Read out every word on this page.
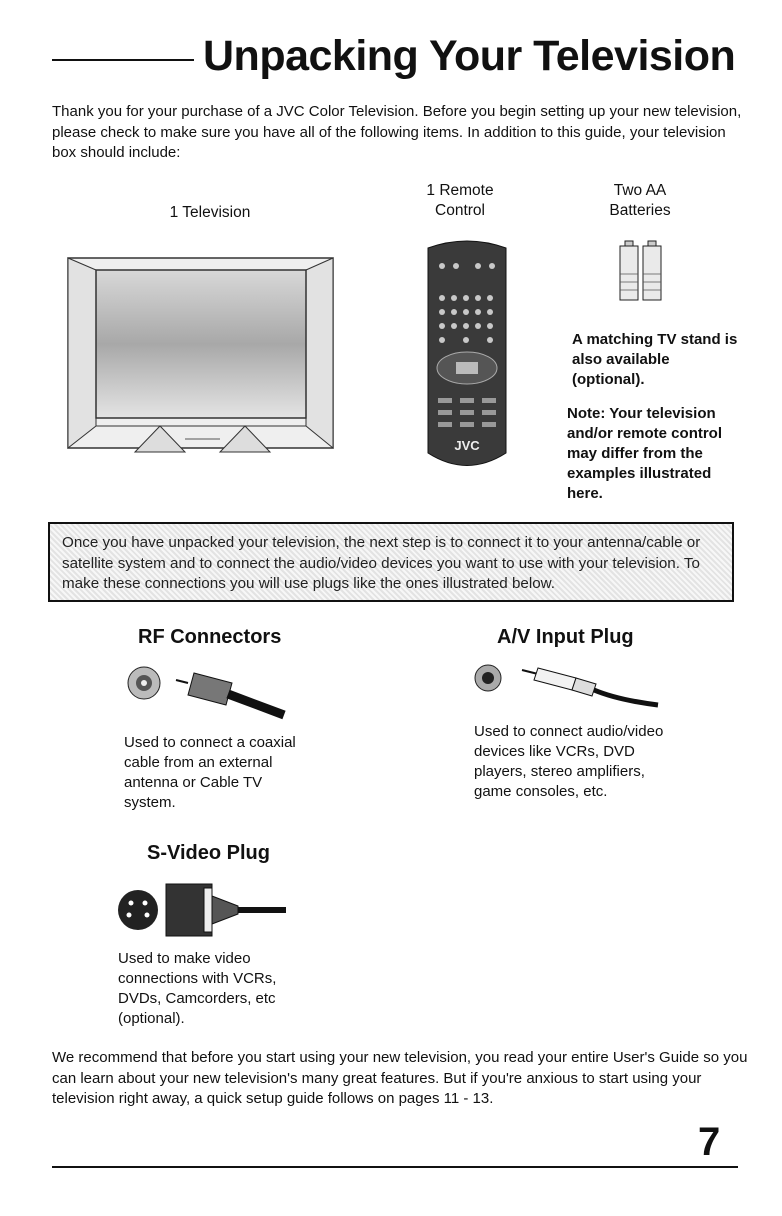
Unpacking Your Television
Thank you for your purchase of a JVC Color Television. Before you begin setting up your new television, please check to make sure you have all of the following items. In addition to this guide, your television box should include:
1 Television
1 Remote
Control
Two AA
Batteries
JVC
A matching TV stand is also available (optional).
Note: Your television and/or remote control may differ from the examples illustrated here.
Once you have unpacked your television, the next step is to connect it to your antenna/cable or satellite system and to connect the audio/video devices you want to use with your television. To make these connections you will use plugs like the ones illustrated below.
RF Connectors
Used to connect a coaxial cable from an external antenna or Cable TV system.
A/V Input Plug
Used to connect audio/video devices like VCRs, DVD players, stereo amplifiers, game consoles, etc.
S-Video Plug
Used to make video connections with VCRs, DVDs, Camcorders, etc (optional).
We recommend that before you start using your new television, you read your entire User's Guide so you can learn about your new television's many great features. But if you're anxious to start using your television right away, a quick setup guide follows on pages 11 - 13.
7
